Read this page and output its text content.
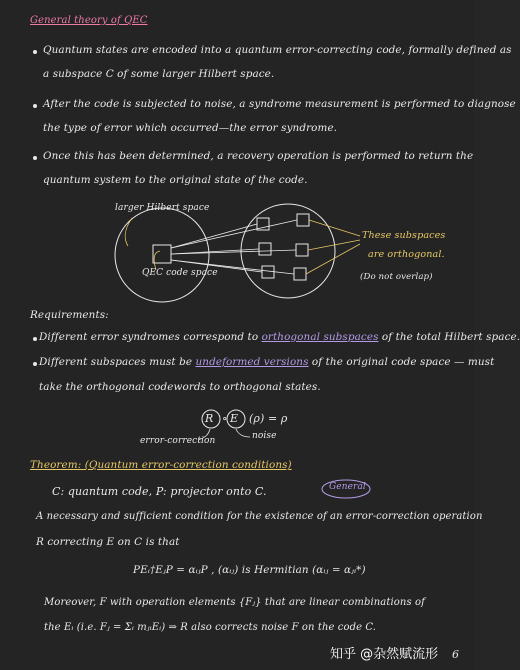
General theory of QEC
Quantum states are encoded into a quantum error-correcting code, formally defined as
a subspace C of some larger Hilbert space.
After the code is subjected to noise, a syndrome measurement is performed to diagnose
the type of error which occurred—the error syndrome.
Once this has been determined, a recovery operation is performed to return the
quantum system to the original state of the code.
larger Hilbert space
QEC code space
These subspaces
are orthogonal.
(Do not overlap)
Requirements:
Different error syndromes correspond to orthogonal subspaces of the total Hilbert space.
Different subspaces must be undeformed versions of the original code space — must
take the orthogonal codewords to orthogonal states.
R ∘ E (ρ) = ρ
error-correction	noise
Theorem: (Quantum error-correction conditions)
C: quantum code, P: projector onto C.	General
A necessary and sufficient condition for the existence of an error-correction operation
R correcting E on C is that
PEᵢ†EⱼP = αᵢⱼP , (αᵢⱼ) is Hermitian (αᵢⱼ = αⱼᵢ*)
Moreover, F with operation elements {Fⱼ} that are linear combinations of
the Eᵢ (i.e. Fⱼ = Σᵢ mⱼᵢEᵢ) ⇒ R also corrects noise F on the code C.
知乎 @杂然赋流形 6
